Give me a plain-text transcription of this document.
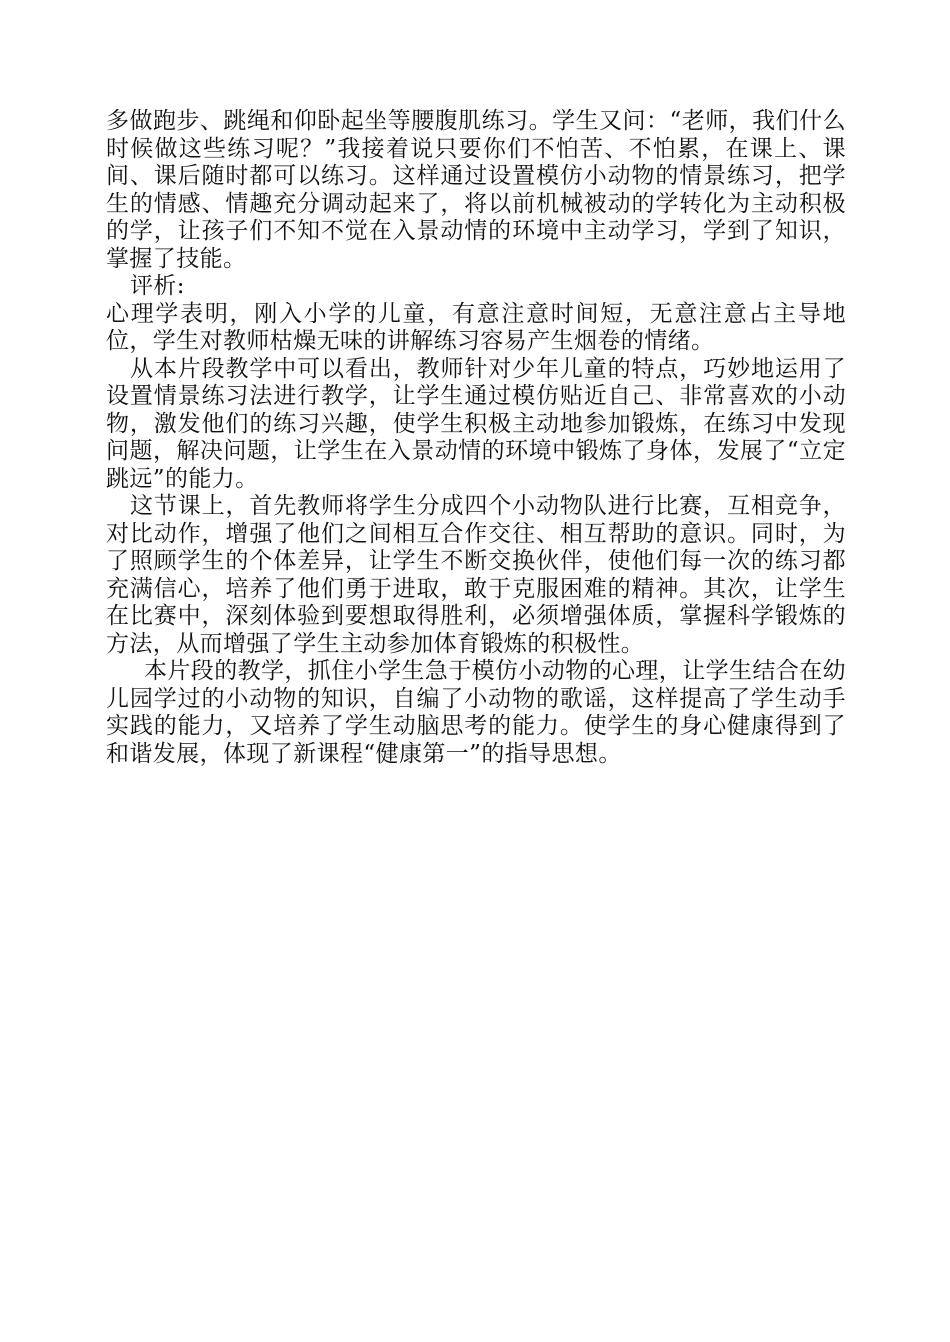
多做跑步、跳绳和仰卧起坐等腰腹肌练习。学生又问：“老师，我们什么时候做这些练习呢？”我接着说只要你们不怕苦、不怕累，在课上、课间、课后随时都可以练习。这样通过设置模仿小动物的情景练习，把学生的情感、情趣充分调动起来了，将以前机械被动的学转化为主动积极的学，让孩子们不知不觉在入景动情的环境中主动学习，学到了知识，掌握了技能。

评析:

心理学表明，刚入小学的儿童，有意注意时间短，无意注意占主导地位，学生对教师枯燥无味的讲解练习容易产生烟卷的情绪。

从本片段教学中可以看出，教师针对少年儿童的特点，巧妙地运用了设置情景练习法进行教学，让学生通过模仿贴近自己、非常喜欢的小动物，激发他们的练习兴趣，使学生积极主动地参加锻炼，在练习中发现问题，解决问题，让学生在入景动情的环境中锻炼了身体，发展了“立定跳远”的能力。

这节课上，首先教师将学生分成四个小动物队进行比赛，互相竞争，对比动作，增强了他们之间相互合作交往、相互帮助的意识。同时，为了照顾学生的个体差异，让学生不断交换伙伴，使他们每一次的练习都充满信心，培养了他们勇于进取，敢于克服困难的精神。其次，让学生在比赛中，深刻体验到要想取得胜利，必须增强体质，掌握科学锻炼的方法，从而增强了学生主动参加体育锻炼的积极性。

本片段的教学，抓住小学生急于模仿小动物的心理，让学生结合在幼儿园学过的小动物的知识，自编了小动物的歌谣，这样提高了学生动手实践的能力，又培养了学生动脑思考的能力。使学生的身心健康得到了和谐发展，体现了新课程“健康第一”的指导思想。
